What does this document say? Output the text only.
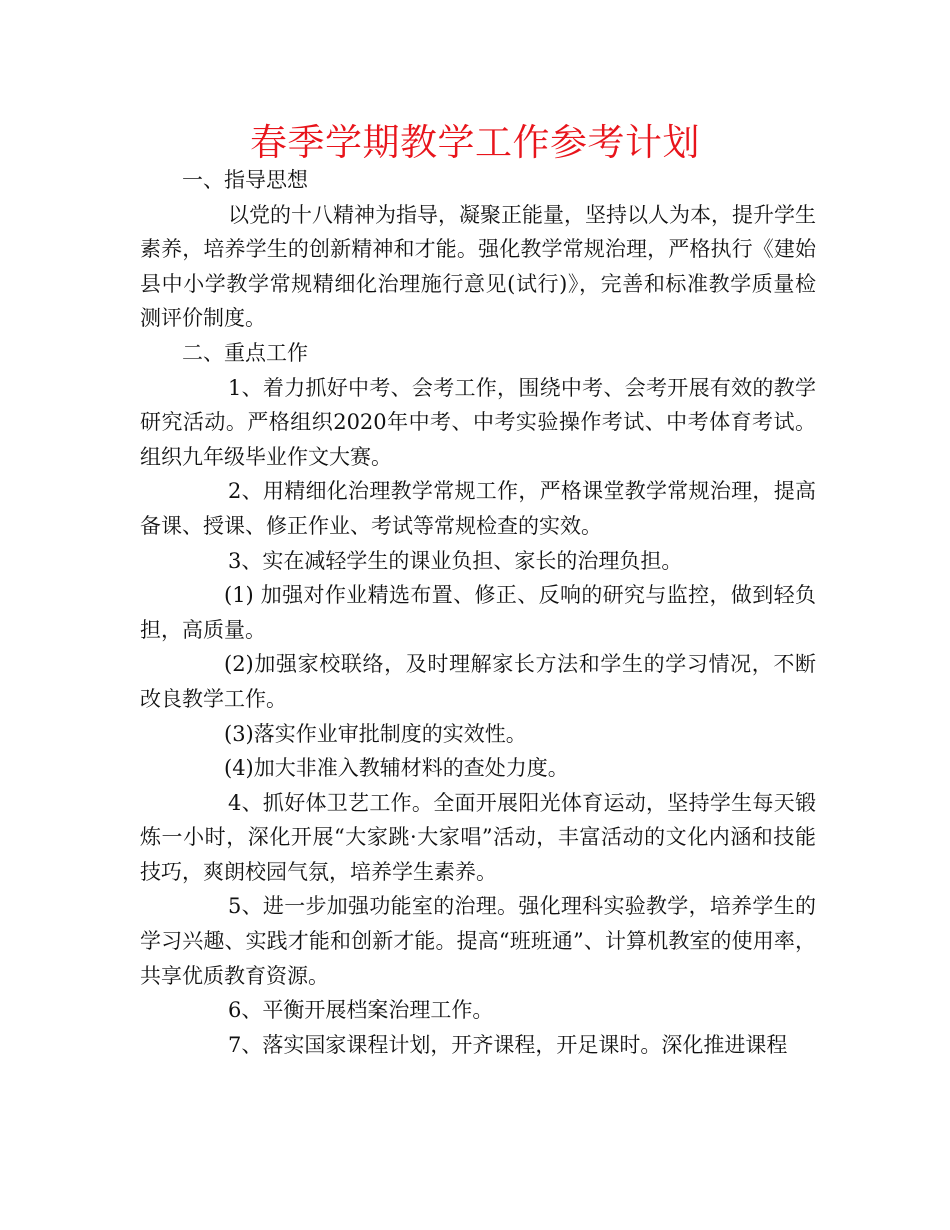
春季学期教学工作参考计划

一、指导思想

以党的十八精神为指导，凝聚正能量，坚持以人为本，提升学生素养，培养学生的创新精神和才能。强化教学常规治理，严格执行《建始县中小学教学常规精细化治理施行意见(试行)》，完善和标准教学质量检测评价制度。

二、重点工作

1、着力抓好中考、会考工作，围绕中考、会考开展有效的教学研究活动。严格组织2020年中考、中考实验操作考试、中考体育考试。组织九年级毕业作文大赛。

2、用精细化治理教学常规工作，严格课堂教学常规治理，提高备课、授课、修正作业、考试等常规检查的实效。

3、实在减轻学生的课业负担、家长的治理负担。

(1) 加强对作业精选布置、修正、反响的研究与监控，做到轻负担，高质量。

(2)加强家校联络，及时理解家长方法和学生的学习情况，不断改良教学工作。

(3)落实作业审批制度的实效性。

(4)加大非准入教辅材料的查处力度。

4、抓好体卫艺工作。全面开展阳光体育运动，坚持学生每天锻炼一小时，深化开展“大家跳·大家唱”活动，丰富活动的文化内涵和技能技巧，爽朗校园气氛，培养学生素养。

5、进一步加强功能室的治理。强化理科实验教学，培养学生的学习兴趣、实践才能和创新才能。提高“班班通”、计算机教室的使用率，共享优质教育资源。

6、平衡开展档案治理工作。

7、落实国家课程计划，开齐课程，开足课时。深化推进课程
